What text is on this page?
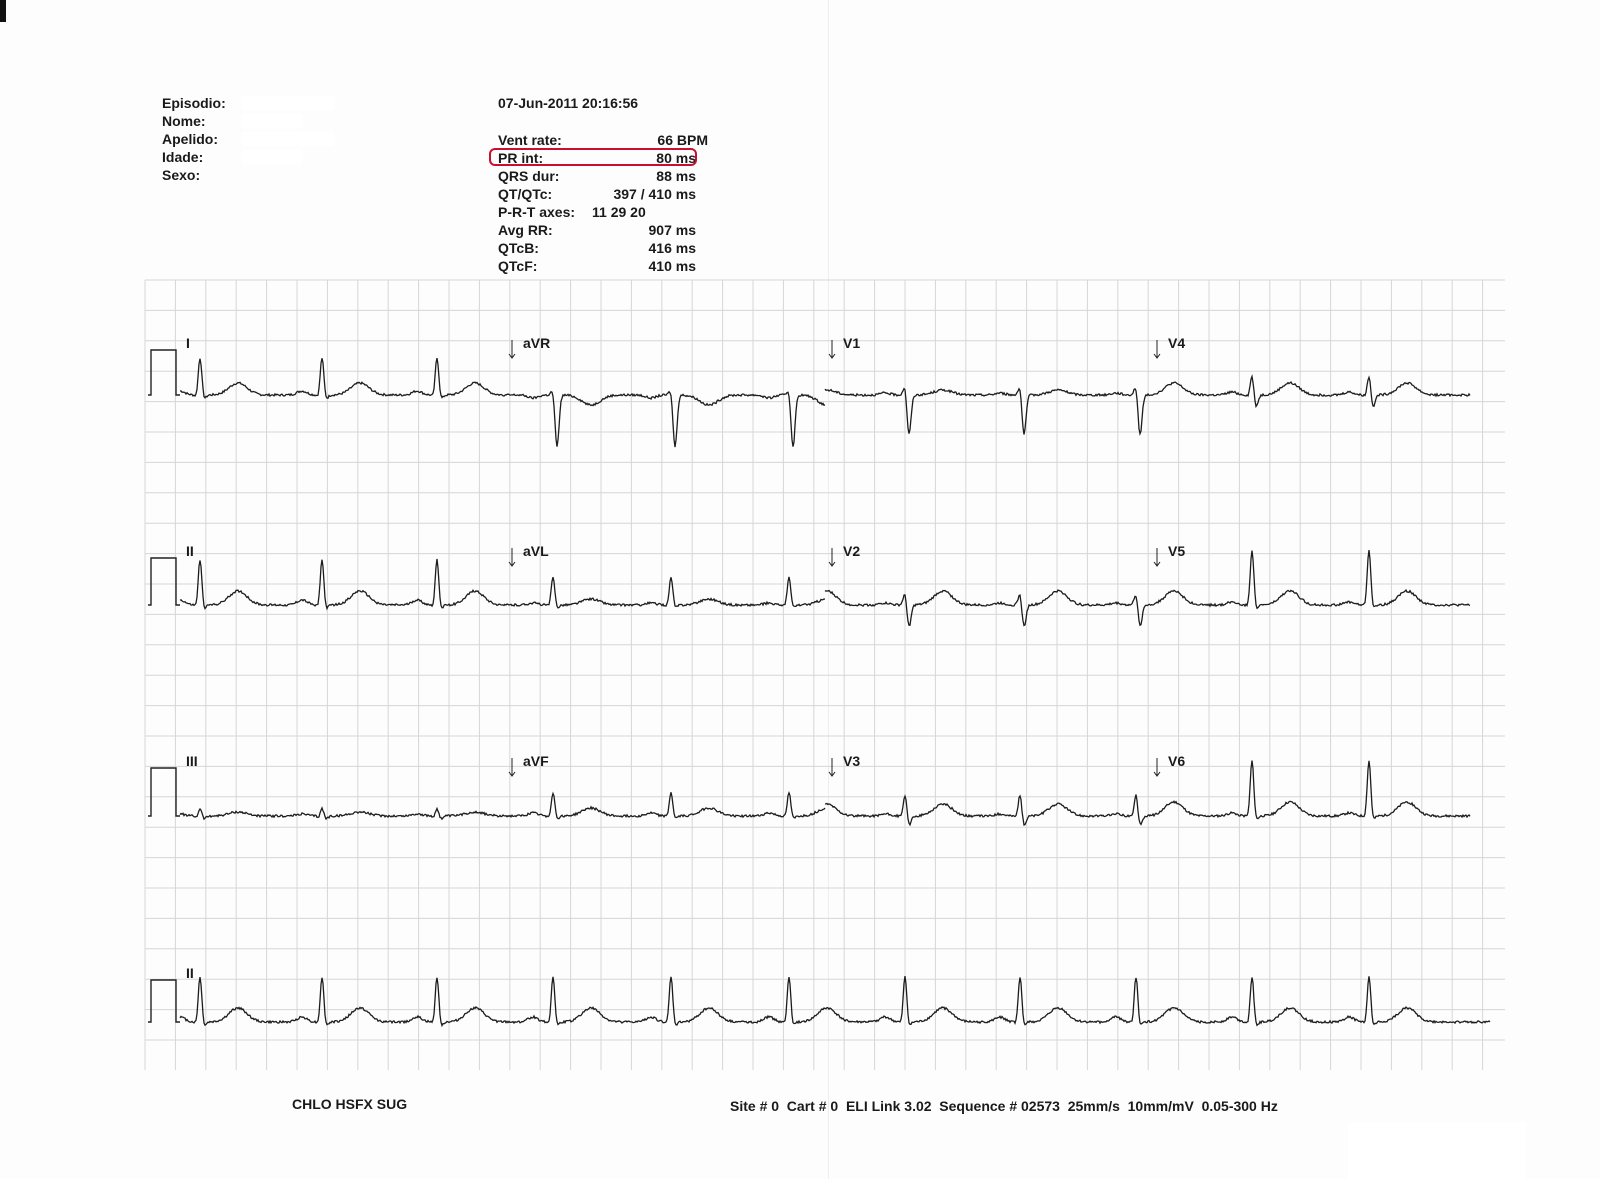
I	aVR	V1	V4
II	aVL	V2	V5
III	aVF	V3	V6
II
Episodio:
Nome:
Apelido:
Idade:
Sexo:
07-Jun-2011 20:16:56
Vent rate:	66 BPM
PR int:	80 ms
QRS dur:	88 ms
QT/QTc:	397 / 410 ms
P-R-T axes: 11 29 20
Avg RR:	907 ms
QTcB:	416 ms
QTcF:	410 ms
CHLO HSFX SUG	Site # 0  Cart # 0  ELI Link 3.02  Sequence # 02573  25mm/s  10mm/mV  0.05-300 Hz
